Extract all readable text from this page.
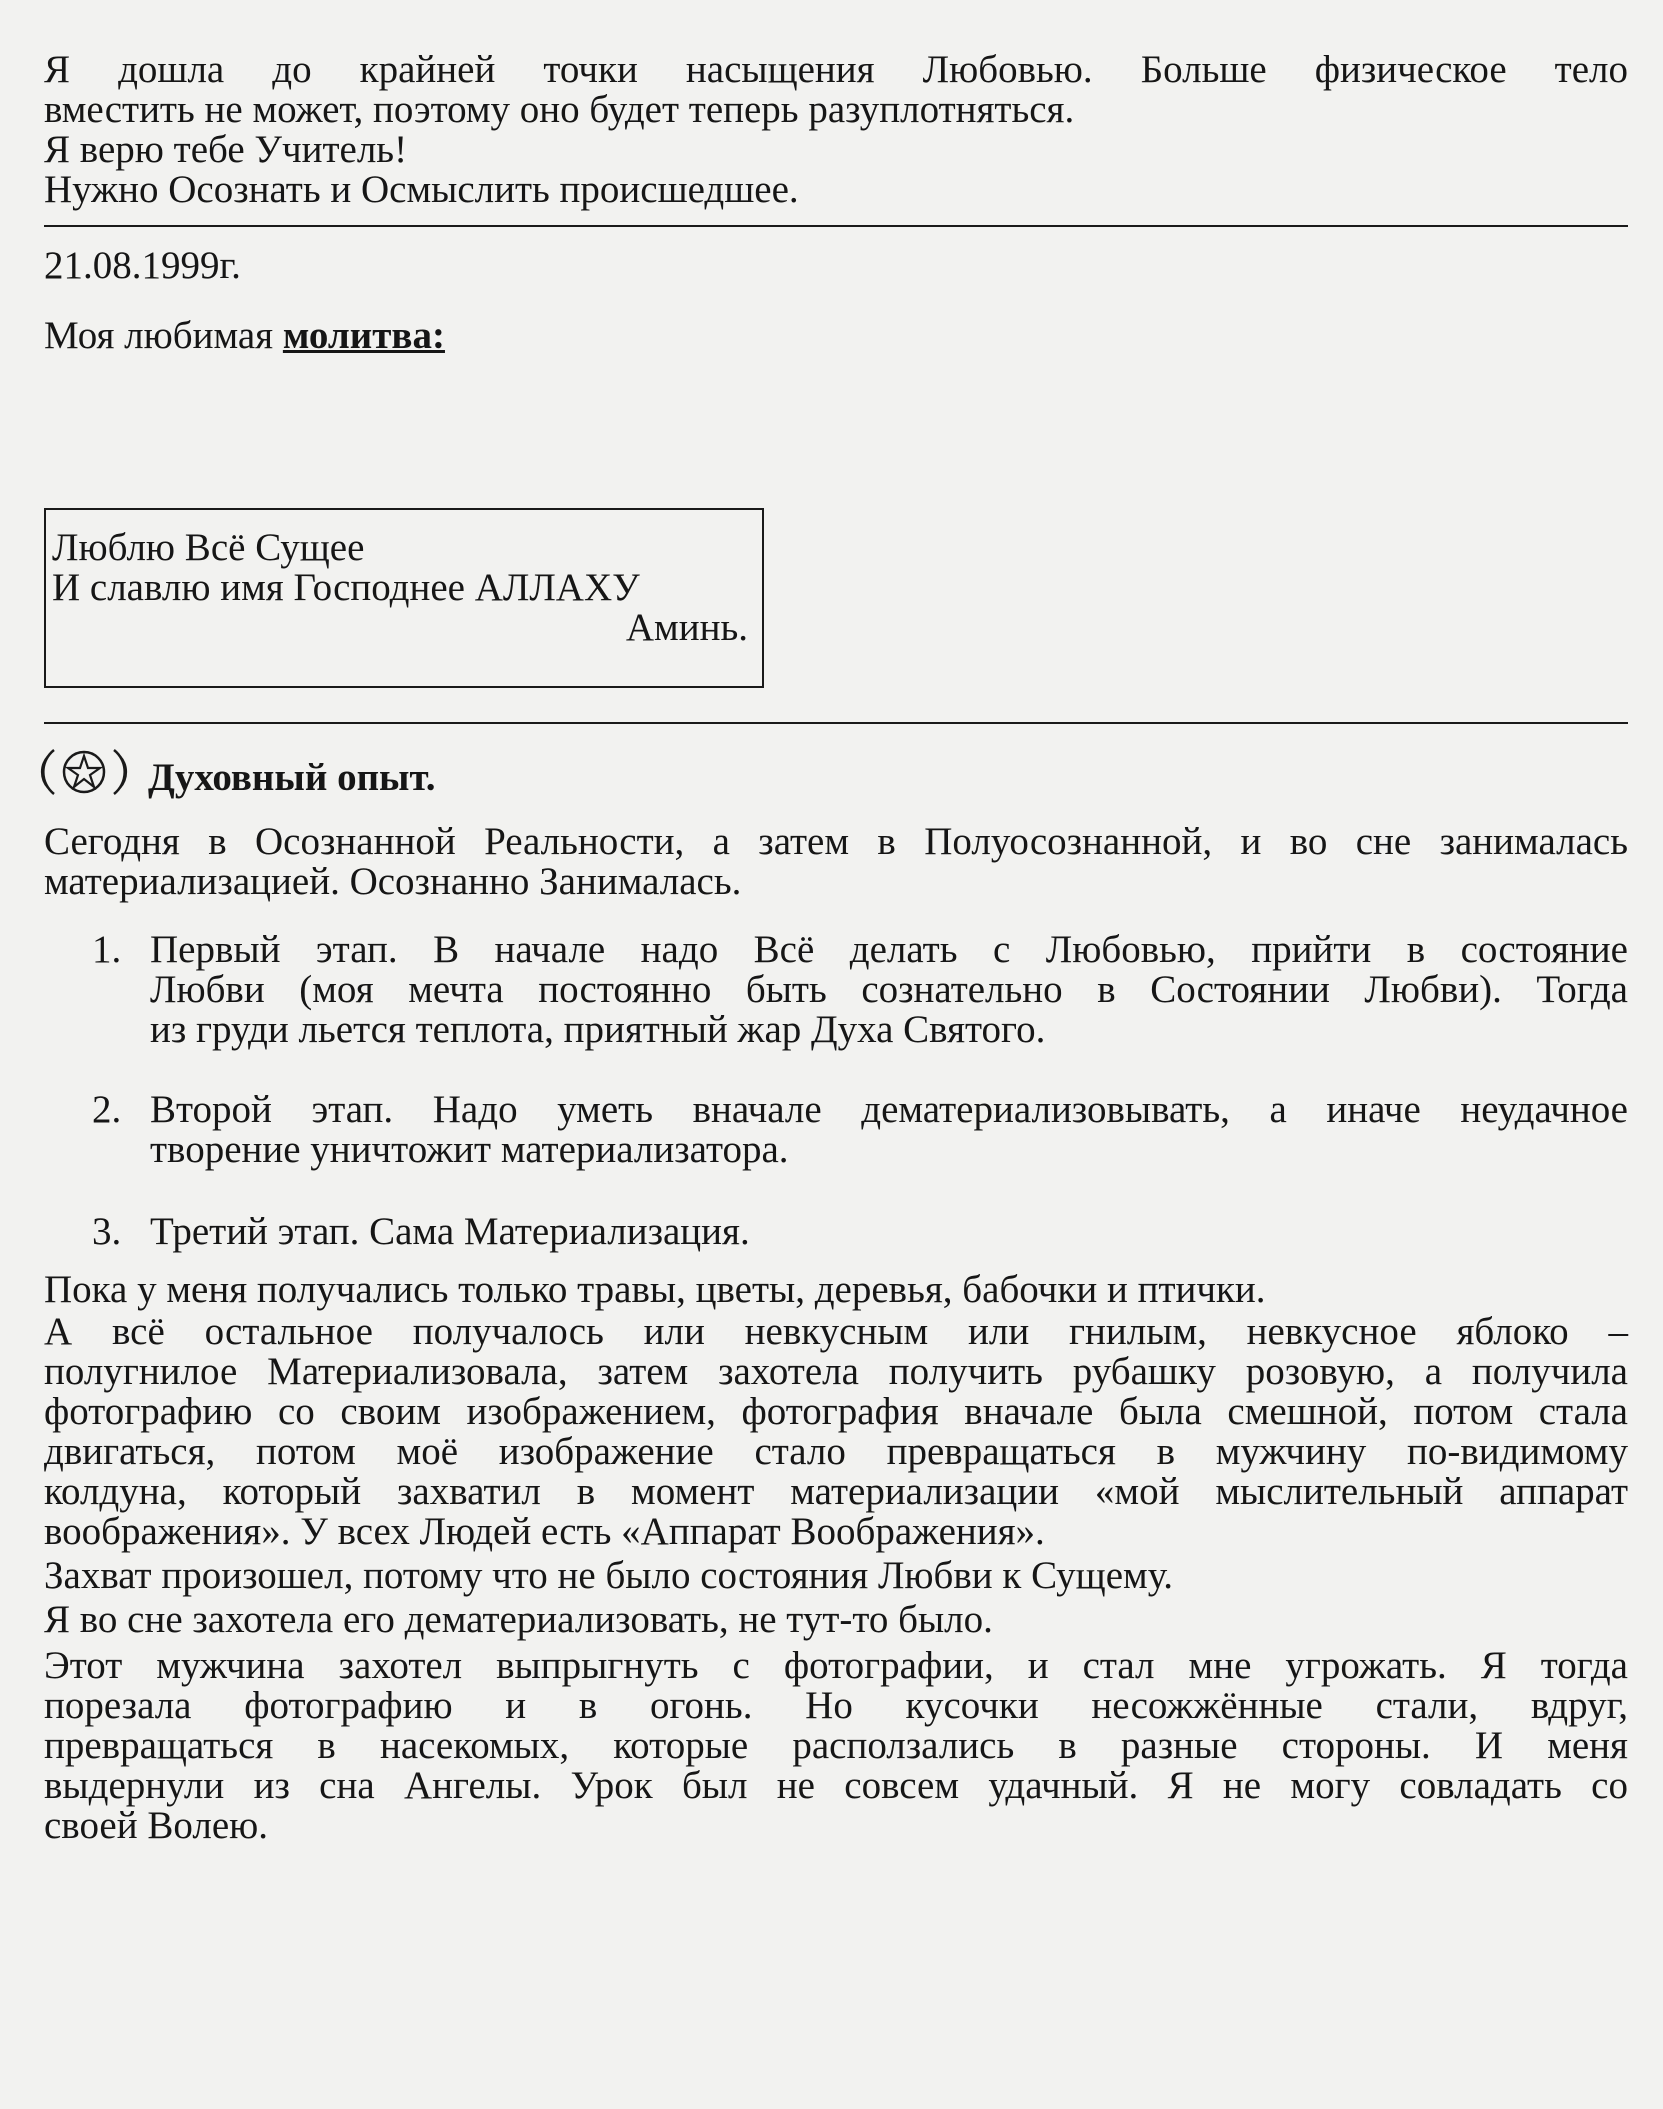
Я дошла до крайней точки насыщения Любовью. Больше физическое тело
вместить не может, поэтому оно будет теперь разуплотняться.
Я верю тебе Учитель!
Нужно Осознать и Осмыслить происшедшее.
21.08.1999г.
Моя любимая молитва:
Люблю Всё Сущее
И славлю имя Господнее АЛЛАХУ
Аминь.
Духовный опыт.
Сегодня в Осознанной Реальности, а затем в Полуосознанной, и во сне занималась
материализацией. Осознанно Занималась.
1. Первый этап. В начале надо Всё делать с Любовью, прийти в состояние
Любви (моя мечта постоянно быть сознательно в Состоянии Любви). Тогда
из груди льется теплота, приятный жар Духа Святого.
2. Второй этап. Надо уметь вначале дематериализовывать, а иначе неудачное
творение уничтожит материализатора.
3. Третий этап. Сама Материализация.
Пока у меня получались только травы, цветы, деревья, бабочки и птички.
А всё остальное получалось или невкусным или гнилым, невкусное яблоко –
полугнилое Материализовала, затем захотела получить рубашку розовую, а получила
фотографию со своим изображением, фотография вначале была смешной, потом стала
двигаться, потом моё изображение стало превращаться в мужчину по-видимому
колдуна, который захватил в момент материализации «мой мыслительный аппарат
воображения». У всех Людей есть «Аппарат Воображения».
Захват произошел, потому что не было состояния Любви к Сущему.
Я во сне захотела его дематериализовать, не тут-то было.
Этот мужчина захотел выпрыгнуть с фотографии, и стал мне угрожать. Я тогда
порезала фотографию и в огонь. Но кусочки несожжённые стали, вдруг,
превращаться в насекомых, которые расползались в разные стороны. И меня
выдернули из сна Ангелы. Урок был не совсем удачный. Я не могу совладать со
своей Волею.
